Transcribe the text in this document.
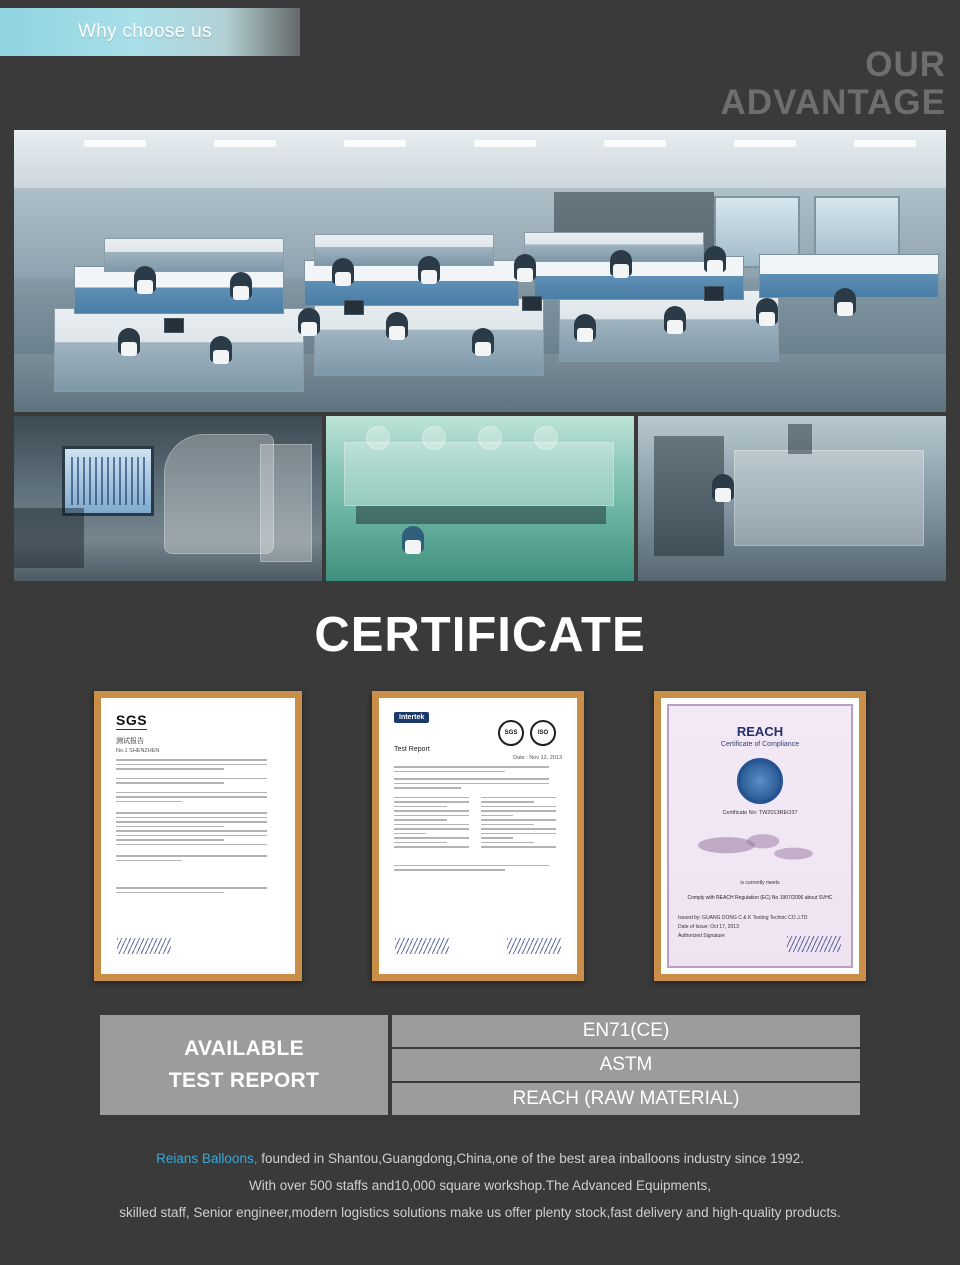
Why choose us
OUR
ADVANTAGE
CERTIFICATE
SGS
测试报告
No.1 SHENZHEN
Intertek
SGS	ISO
Test Report
Date : Nov 12, 2013
REACH
Certificate of Compliance
Certificate No: TW2013REO37
is currently meets
Comply with REACH Regulation (EC) No 1907/2006 about SVHC
Issued by: GUANG DONG C & K Testing Technic CO.,LTD
Date of Issue: Oct 17, 2013
Authorized Signature
AVAILABLE
TEST REPORT
EN71(CE)
ASTM
REACH (RAW MATERIAL)
Reians Balloons, founded in Shantou,Guangdong,China,one of the best area inballoons industry since 1992.
With over 500 staffs and10,000 square workshop.The Advanced Equipments,
skilled staff, Senior engineer,modern logistics solutions make us offer plenty stock,fast delivery and high-quality products.
